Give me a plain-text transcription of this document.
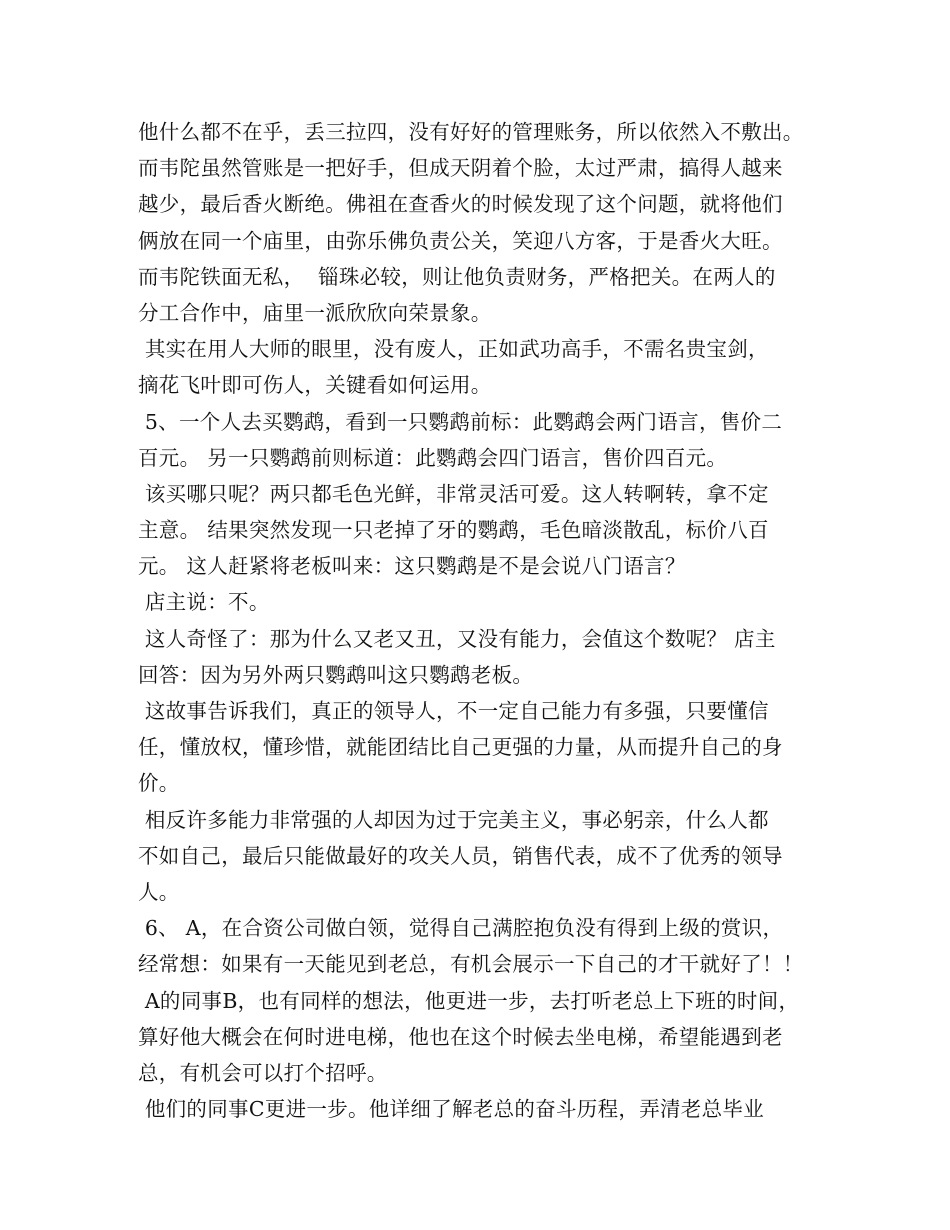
他什么都不在乎，丢三拉四，没有好好的管理账务，所以依然入不敷出。
而韦陀虽然管账是一把好手，但成天阴着个脸，太过严肃，搞得人越来
越少，最后香火断绝。佛祖在查香火的时候发现了这个问题，就将他们
俩放在同一个庙里，由弥乐佛负责公关，笑迎八方客，于是香火大旺。
而韦陀铁面无私，  锱珠必较，则让他负责财务，严格把关。在两人的
分工合作中，庙里一派欣欣向荣景象。
其实在用人大师的眼里，没有废人，正如武功高手，不需名贵宝剑，
摘花飞叶即可伤人，关键看如何运用。
5、一个人去买鹦鹉，看到一只鹦鹉前标：此鹦鹉会两门语言，售价二
百元。 另一只鹦鹉前则标道：此鹦鹉会四门语言，售价四百元。
该买哪只呢？两只都毛色光鲜，非常灵活可爱。这人转啊转，拿不定
主意。 结果突然发现一只老掉了牙的鹦鹉，毛色暗淡散乱，标价八百
元。 这人赶紧将老板叫来：这只鹦鹉是不是会说八门语言？
店主说：不。
这人奇怪了：那为什么又老又丑，又没有能力，会值这个数呢？ 店主
回答：因为另外两只鹦鹉叫这只鹦鹉老板。
这故事告诉我们，真正的领导人，不一定自己能力有多强，只要懂信
任，懂放权，懂珍惜，就能团结比自己更强的力量，从而提升自己的身
价。
相反许多能力非常强的人却因为过于完美主义，事必躬亲，什么人都
不如自己，最后只能做最好的攻关人员，销售代表，成不了优秀的领导
人。
6、 A，在合资公司做白领，觉得自己满腔抱负没有得到上级的赏识，
经常想：如果有一天能见到老总，有机会展示一下自己的才干就好了！！
A的同事B，也有同样的想法，他更进一步，去打听老总上下班的时间，
算好他大概会在何时进电梯，他也在这个时候去坐电梯，希望能遇到老
总，有机会可以打个招呼。
他们的同事C更进一步。他详细了解老总的奋斗历程，弄清老总毕业
